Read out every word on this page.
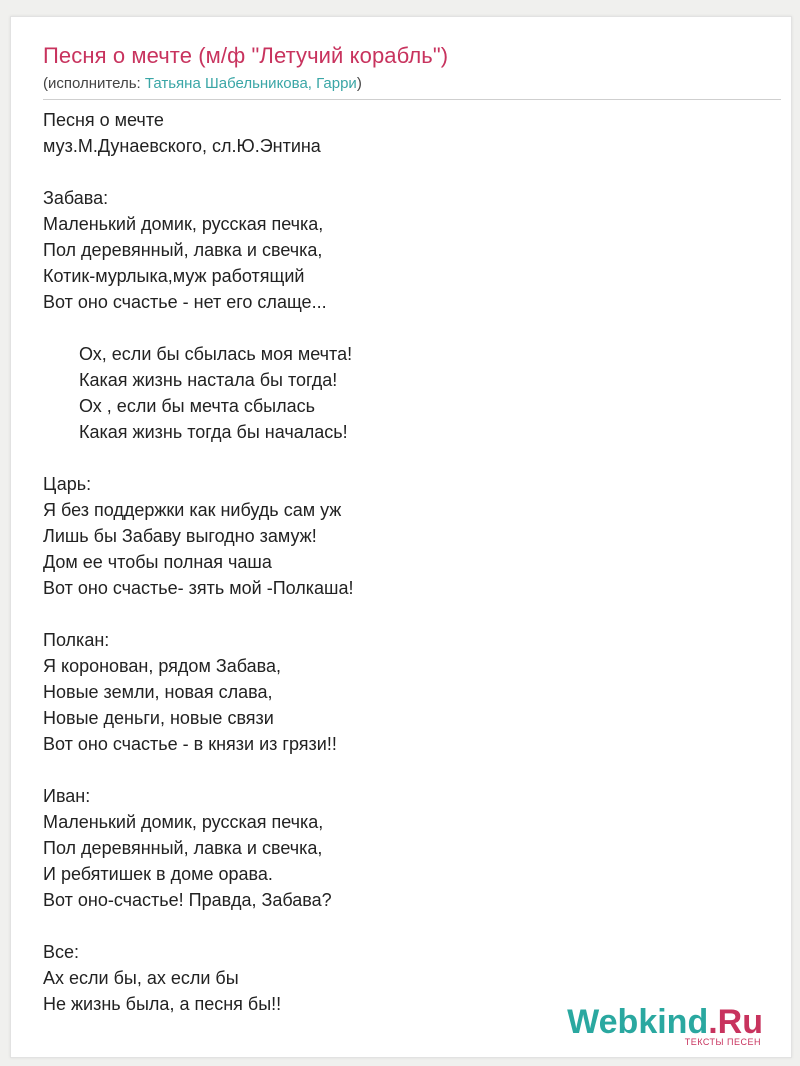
Песня о мечте (м/ф "Летучий корабль")
(исполнитель: Татьяна Шабельникова, Гарри)
Песня о мечте
муз.М.Дунаевского, сл.Ю.Энтина
Забава:
Маленький домик, русская печка,
Пол деревянный, лавка и свечка,
Котик-мурлыка,муж работящий
Вот оно счастье - нет его слаще...
Ох, если бы сбылась моя мечта!
Какая жизнь настала бы тогда!
Ох , если бы мечта сбылась
Какая жизнь тогда бы началась!
Царь:
Я без поддержки как нибудь сам уж
Лишь бы Забаву выгодно замуж!
Дом ее чтобы полная чаша
Вот оно счастье- зять мой -Полкаша!
Полкан:
Я коронован, рядом Забава,
Новые земли, новая слава,
Новые деньги, новые связи
Вот оно счастье - в князи из грязи!!
Иван:
Маленький домик, русская печка,
Пол деревянный, лавка и свечка,
И ребятишек в доме орава.
Вот оно-счастье! Правда, Забава?
Все:
Ах если бы, ах если бы
Не жизнь была, а песня бы!!	Webkind.Ru
ТЕКСТЫ ПЕСЕН
